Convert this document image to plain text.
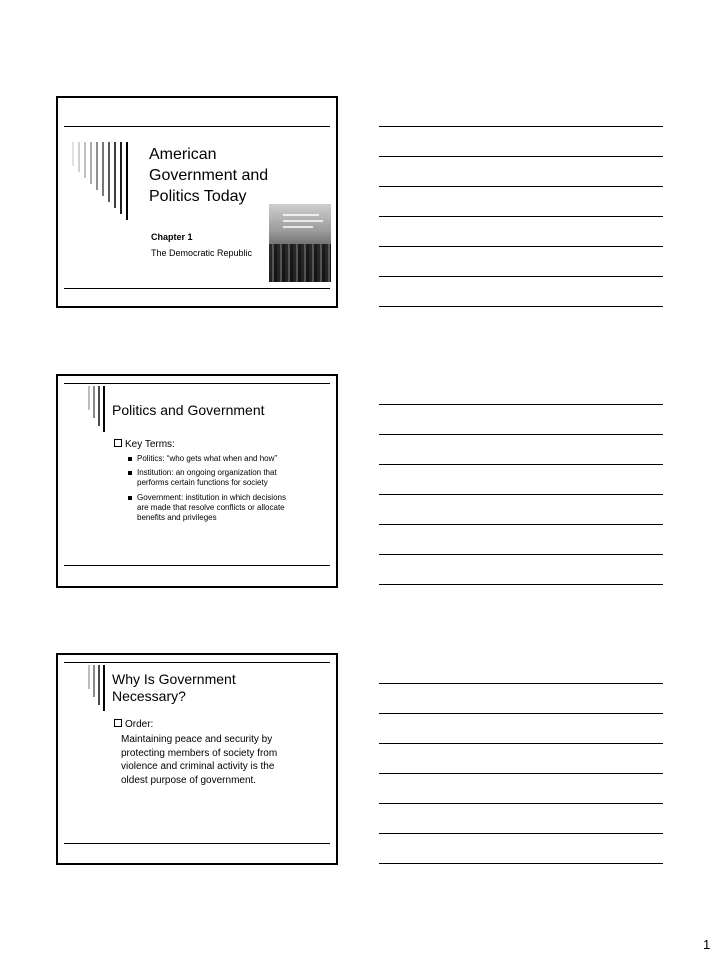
American
Government and
Politics Today
Chapter 1
The Democratic Republic
Politics and Government
Key Terms:
Politics: “who gets what when and how”
Institution: an ongoing organization that
performs certain functions for society
Government: institution in which decisions
are made that resolve conflicts or allocate
benefits and privileges
Why Is Government
Necessary?
Order:
Maintaining peace and security by
protecting members of society from
violence and criminal activity is the
oldest purpose of government.
1
